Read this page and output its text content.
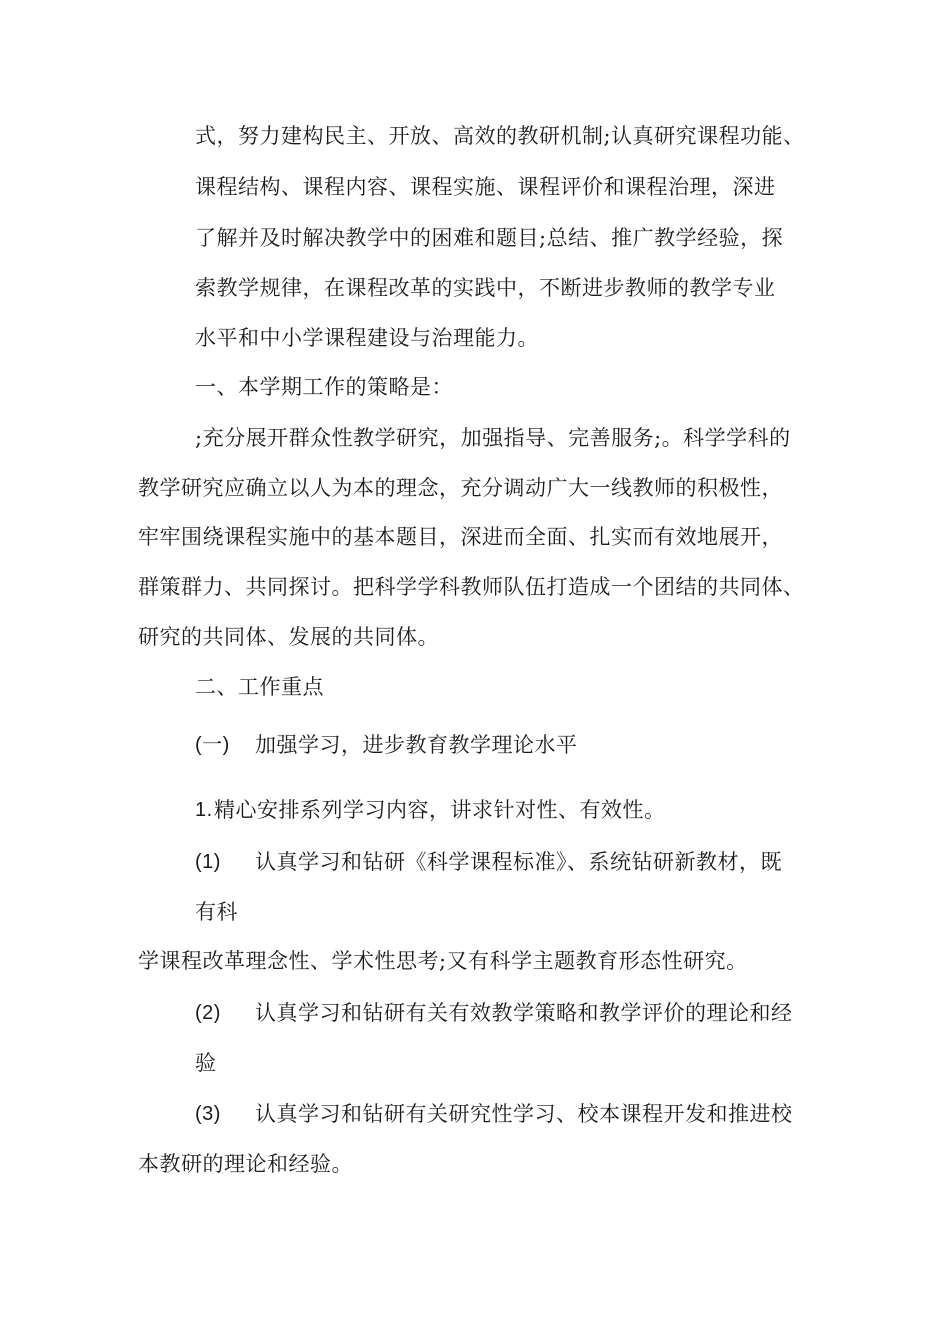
式，努力建构民主、开放、高效的教研机制;认真研究课程功能、
课程结构、课程内容、课程实施、课程评价和课程治理，深进
了解并及时解决教学中的困难和题目;总结、推广教学经验，探
索教学规律，在课程改革的实践中，不断进步教师的教学专业
水平和中小学课程建设与治理能力。
一、本学期工作的策略是：
;充分展开群众性教学研究，加强指导、完善服务;。科学学科的
教学研究应确立以人为本的理念，充分调动广大一线教师的积极性，
牢牢围绕课程实施中的基本题目，深进而全面、扎实而有效地展开，
群策群力、共同探讨。把科学学科教师队伍打造成一个团结的共同体、
研究的共同体、发展的共同体。
二、工作重点
(一) 加强学习，进步教育教学理论水平
1. 精心安排系列学习内容，讲求针对性、有效性。
(1) 认真学习和钻研《科学课程标准》、系统钻研新教材，既
有科
学课程改革理念性、学术性思考;又有科学主题教育形态性研究。
(2) 认真学习和钻研有关有效教学策略和教学评价的理论和经
验
(3) 认真学习和钻研有关研究性学习、校本课程开发和推进校
本教研的理论和经验。
